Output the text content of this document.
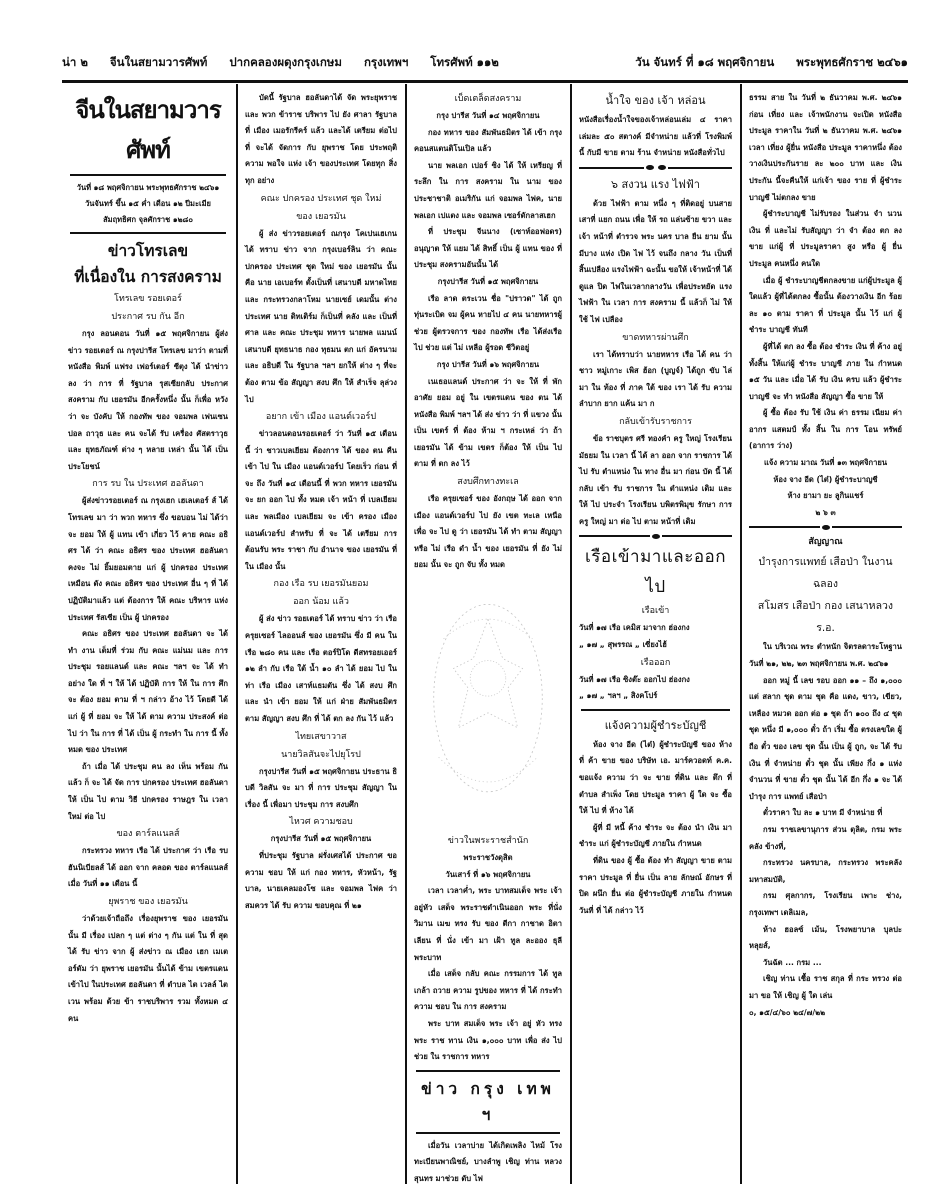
น่า ๒ จีนในสยามวารศัพท์ ปากคลองผดุงกรุงเกษม กรุงเทพฯ โทรศัพท์ ๑๑๒	วัน จันทร์ ที่ ๑๘ พฤศจิกายน พระพุทธศักราช ๒๔๖๑
จีนในสยามวารศัพท์
วันที่ ๑๘ พฤศจิกายน พระพุทธศักราช ๒๔๖๑
วันจันทร์ ขึ้น ๑๕ ค่ำ เดือน ๑๒ ปีมะเมีย
สัมฤทธิศก จุลศักราช ๑๒๘๐
ข่าวโทรเลข
ที่เนื่องใน การสงคราม
โทรเลข รอยเตอร์
ประกาศ รบ กัน อีก
กรุง ลอนดอน วันที่ ๑๕ พฤศจิกายน ผู้ส่ง ข่าว รอยเตอร์ ณ กรุงปารีส โทรเลข มาว่า ตามที่ หนังสือ พิมพ์ แฟรง เฟอร์เตอร์ ซีตุง ได้ นำข่าว ลง ว่า การ ที่ รัฐบาล รุสเซียกลับ ประกาศ สงคราม กับ เยอรมัน อีกครั้งหนึ่ง นั้น ก็เพื่อ หวัง ว่า จะ บังคับ ให้ กองทัพ ของ จอมพล เฟนเซน ปอล ถาวุธ และ คน จะได้ รับ เครื่อง ศัสตราวุธ และ ยุทธภัณฑ์ ต่าง ๆ หลาย เหล่า นั้น ได้ เป็น ประโยชน์
การ รบ ใน ประเทศ ฮอลันดา
ผู้ส่งข่าวรอยเตอร์ ณ กรุงเฮก เฮเลเตอร์ ส์ ได้ โทรเลข มา ว่า พวก ทหาร ซึ่ง ขอบอน ไม่ ได้ว่า จะ ยอม ให้ ผู้ แทน เข้า เกี่ยว ไว้ คาย คณะ อธิศร ได้ ว่า คณะ อธิศร ของ ประเทศ ฮอลันดา คงจะ ไม่ ยิ้มยอมตาย แก่ ผู้ ปกครอง ประเทศ เหมือน ดัง คณะ อธิศร ของ ประเทศ อื่น ๆ ที่ ได้ ปฏิบัติมาแล้ว แต่ ต้องการ ให้ คณะ บริหาร แห่ง ประเทศ รัสเซีย เป็น ผู้ ปกครอง
คณะ อธิศร ของ ประเทศ ฮอลันดา จะ ได้ ทำ งาน เต็มที่ ร่วม กับ คณะ แม่นม และ การ ประชุม รอยแลนด์ และ คณะ ฯลฯ จะ ได้ ทำ อย่าง ใด ที่ ฯ ให้ ได้ ปฏิบัติ การ ให้ ใน การ ศึก จะ ต้อง ยอม ตาม ที่ ฯ กล่าว อ้าง ไว้ โดยดี ได้ แก่ ผู้ ที่ ยอม จะ ให้ ได้ ตาม ความ ประสงค์ ต่อ ไป ว่า ใน การ ที่ ได้ เป็น ผู้ กระทำ ใน การ นี้ ทั้ง หมด ของ ประเทศ
ถ้า เมื่อ ได้ ประชุม คน ลง เห็น พร้อม กัน แล้ว ก็ จะ ได้ จัด การ ปกครอง ประเทศ ฮอลันดา ให้ เป็น ไป ตาม วิธี ปกครอง ราษฎร ใน เวลา ใหม่ ต่อ ไป
ของ ตาร์ลแนลส์
กระทรวง ทหาร เรือ ได้ ประกาศ ว่า เรือ รบ ฮันนิเบียลส์ ได้ ออก จาก คลอด ของ ตาร์ลแนลส์ เมื่อ วันที่ ๑๑ เดือน นี้
ยุพราช ของ เยอรมัน
ว่าด้วยเจ้าถือถึง เรื่องยุพราช ของ เยอรมัน นั้น มี เรื่อง เปลก ๆ แต่ ต่าง ๆ กัน แต่ ใน ที่ สุด ได้ รับ ข่าว จาก ผู้ ส่งข่าว ณ เมือง เฮก เมเตอร์ดัม ว่า ยุพราช เยอรมัน นั้นได้ ข้าม เขตรแดน เข้าไป ในประเทศ ฮอลันดา ที่ ตำบล ไต เวลล์ ไต เวน พร้อม ด้วย ข้า ราชบริพาร รวม ทั้งหมด ๔ คน
บัดนี้ รัฐบาล ฮอลันดาได้ จัด พระยุพราช และ พวก ข้าราช บริพาร ไป ยัง ศาลา รัฐบาล ที่ เมือง เมอรักรีคร์ แล้ว และได้ เตรียม ต่อไป ที่ จะได้ จัดการ กับ ยุพราช โดย ประพฤติ ความ พอใจ แห่ง เจ้า ของประเทศ โดยทุก สิ่ง ทุก อย่าง
คณะ ปกครอง ประเทศ ชุด ใหม่
ของ เยอรมัน
ผู้ ส่ง ข่าวรอยเตอร์ ณกรุง โคเปนเฮเกน ได้ ทราบ ข่าว จาก กรุงเบอร์ลิน ว่า คณะ ปกครอง ประเทศ ชุด ใหม่ ของ เยอรมัน นั้น คือ นาย เอเบอร์ท ตั้งเป็นที่ เสนาบดี มหาดไทย และ กระทรวงกลาโหม นายเซย์ เดมนั้น ต่าง ประเทศ นาย ดิทเติร์ม ก็เป็นที่ คลัง และ เป็นที่ ศาล และ คณะ ประชุม ทหาร นายพล แมนน์ เสนาบดี ยุทธนาธ กอง ทุธมน ตก แก่ อัครนาม และ อธิบดี ใน รัฐบาล ฯลฯ ยกให้ ต่าง ๆ ที่จะ ต้อง ตาม ข้อ สัญญา สงบ ศึก ให้ สำเร็จ ลุล่วง ไป
อยาก เข้า เมือง แอนต์เวอร์ป
ข่าวลอนดอนรอยเตอร์ ว่า วันที่ ๑๕ เดือนนี้ ว่า ชาวเบลเยียม ต้องการ ได้ ของ ตน คืน เข้า ไป ใน เมือง แอนต์เวอร์ป โดยเร็ว ก่อน ที่ จะ ถึง วันที่ ๑๔ เดือนนี้ ที่ พวก ทหาร เยอรมัน จะ ยก ออก ไป ทั้ง หมด เจ้า หน้า ที่ เบลเยียม และ พลเมือง เบลเยียม จะ เข้า ครอง เมือง แอนต์เวอร์ป สำหรับ ที่ จะ ได้ เตรียม การ ต้อนรับ พระ ราชา กับ อำนาจ ของ เยอรมัน ที่ ใน เมือง นั้น
กอง เรือ รบ เยอรมันยอม
ออก น้อม แล้ว
ผู้ ส่ง ข่าว รอยเตอร์ ได้ ทราบ ข่าว ว่า เรือ ครุยเซอร์ ไลออนส์ ของ เยอรมัน ซึ่ง มี คน ใน เรือ ๒๘๐ คน และ เรือ ตอร์ปิโด ดีสทรอยเออร์ ๑๒ ลำ กับ เรือ ใต้ น้ำ ๑๐ ลำ ได้ ยอม ไป ใน ท่า เรือ เมือง เสาท์แธมตัน ซึ่ง ได้ สงบ ศึก และ นำ เข้า ยอม ให้ แก่ ฝ่าย สัมพันธมิตร ตาม สัญญา สงบ ศึก ที่ ได้ ตก ลง กัน ไว้ แล้ว
ไทยเสขาวาส
นายวิลสันจะไปยุโรป
กรุงปารีส วันที่ ๑๕ พฤศจิกายน ประธาน ธิบดี วิลสัน จะ มา ที่ การ ประชุม สัญญา ใน เรื่อง นี้ เพื่อมา ประชุม การ สงบศึก
ไหวศ ความชอบ
กรุงปารีส วันที่ ๑๕ พฤศจิกายน
ที่ประชุม รัฐบาล ฝรั่งเศสได้ ประกาศ ขอ ความ ชอบ ให้ แก่ กอง ทหาร, หัวหน้า, รัฐ บาล, นายเคลมองโซ และ จอมพล ไฟค ว่า สมควร ได้ รับ ความ ขอบคุณ ที่ ๒๑
เบ็ดเตล็ดสงคราม
กรุง ปารีส วันที่ ๑๔ พฤศจิกายน
กอง ทหาร ของ สัมพันธมิตร ได้ เข้า กรุง คอนสแตนติโนเปิล แล้ว
นาย พลเอก เปอร์ ซิง ได้ ให้ เหรียญ ที่ ระลึก ใน การ สงคราม ใน นาม ของ ประชาชาติ อเมริกัน แก่ จอมพล ไฟค, นาย พลเอก เปแตง และ จอมพล เซอร์ดักลาสเฮก
ที่ ประชุม จีนนาง (เซาท์ออฟอดร) อนุญาต ให้ แยม ได้ สิทธิ์ เป็น ผู้ แทน ของ ที่ ประชุม สงครามอันนั้น ได้
กรุงปารีส วันที่ ๑๕ พฤศจิกายน
เรือ ลาด ตระเวน ชื่อ "ปราวด" ได้ ถูก ทุ่นระเบิด จม ผู้คน หายไป ๔ คน นายทหารผู้ ช่วย ผู้ตรวจการ ของ กองทัพ เรือ ได้ส่งเรือ ไป ช่วย แต่ ไม่ เหลือ ผู้รอด ชีวิตอยู่
กรุง ปารีส วันที่ ๑๖ พฤศจิกายน
เนเธอแลนด์ ประกาศ ว่า จะ ให้ ที่ พัก อาศัย ยอม อยู่ ใน เขตรแดน ของ ตน ได้ หนังสือ พิมพ์ ฯลฯ ได้ ส่ง ข่าว ว่า ที่ แขวง นั้น เป็น เขตร์ ที่ ต้อง ห้าม ฯ กระเหล่ ว่า ถ้า เยอรมัน ได้ ข้าม เขตร ก็ต้อง ให้ เป็น ไป ตาม ที่ ตก ลง ไว้
สงบศึกทางทะเล
เรือ ครุยเซอร์ ของ อังกฤษ ได้ ออก จาก เมือง แอนต์เวอร์ป ไป ยัง เขต ทะเล เหนือ เพื่อ จะ ไป ดู ว่า เยอรมัน ได้ ทำ ตาม สัญญา หรือ ไม่ เรือ ดำ น้ำ ของ เยอรมัน ที่ ยัง ไม่ ยอม นั้น จะ ถูก จับ ทั้ง หมด
ข่าวในพระราชสำนัก
พระราชวังดุสิต
วันเสาร์ ที่ ๑๖ พฤศจิกายน
เวลา เวลาค่ำ, พระ บาทสมเด็จ พระ เจ้า อยู่หัว เสด็จ พระราชดำเนินออก พระ ที่นั่ง วิมาน เมฆ ทรง รับ ของ ตีกา กาชาด อิตา เลียน ที่ นั่ง เข้า มา เฝ้า ทูล ละออง ธุลีพระบาท
เมื่อ เสด็จ กลับ คณะ กรรมการ ได้ ทูล เกล้า ถวาย ความ รูปของ ทหาร ที่ ได้ กระทำ ความ ชอบ ใน การ สงคราม
พระ บาท สมเด็จ พระ เจ้า อยู่ หัว ทรง พระ ราช ทาน เงิน ๑,๐๐๐ บาท เพื่อ ส่ง ไป ช่วย ใน ราชการ ทหาร
ข่าว กรุง เทพ ฯ
เมื่อวัน เวลาบ่าย ได้เกิดเพลิง ไหม้ โรงทะเบียนพาณิชย์, บางลำพู เชิญ ท่าน หลวง สุนทร มาช่วย ดับ ไฟ
น้ำใจ ของ เจ้า หล่อน
หนังสือเรื่องน้ำใจของเจ้าหล่อนเล่ม ๔ ราคา เล่มละ ๕๐ สตางค์ มีจำหน่าย แล้วที่ โรงพิมพ์ นี้ กับมี ขาย ตาม ร้าน จำหน่าย หนังสือทั่วไป
๖ สงวน แรง ไฟฟ้า
ด้วย ไฟฟ้า ตาม หนึ่ง ๆ ที่ติดอยู่ บนสาย เสาที่ แยก ถนน เพื่อ ให้ รถ แล่นซ้าย ขวา และ เจ้า หน้าที่ ตำรวจ พระ นคร บาล ยืน ยาม นั้น มีบาง แห่ง เปิด ไฟ ไว้ จนถึง กลาง วัน เป็นที่ สิ้นเปลือง แรงไฟฟ้า ฉะนั้น ขอให้ เจ้าหน้าที่ ได้ดูแล ปิด ไฟในเวลากลางวัน เพื่อประหยัด แรงไฟฟ้า ใน เวลา การ สงคราม นี้ แล้วก็ ไม่ ให้ ใช้ ไฟ เปลือง
ขาดทหารผ่านศึก
เรา ได้ทราบว่า นายทหาร เรือ ได้ คน ว่า ชาว หมู่เกาะ เพิส ฮ้อก (บูญจ์) ได้ถูก ขับ ไล่ มา ใน ท้อง ที่ ภาค ใต้ ของ เรา ได้ รับ ความ ลำบาก ยาก แค้น มา ก
กลับเข้ารับราชการ
ข้อ ราชบุตร ศรี ทองคำ ครู ใหญ่ โรงเรียน มัธยม ใน เวลา นี้ ได้ ลา ออก จาก ราชการ ได้ ไป รับ ตำแหน่ง ใน ทาง อื่น มา ก่อน บัด นี้ ได้ กลับ เข้า รับ ราชการ ใน ตำแหน่ง เดิม และ ให้ ไป ประจำ โรงเรียน บพิตรพิมุข รักษา การ ครู ใหญ่ มา ต่อ ไป ตาม หน้าที่ เดิม
เรือเข้ามาและออกไป
เรือเข้า
วันที่ ๑๗ เรือ เคมิส มาจาก ฮ่องกง
„ ๑๗ „ สุพรรณ „ เซี่ยงไฮ้
เรือออก
วันที่ ๑๗ เรือ ซิงต๊ะ ออกไป ฮ่องกง
„ ๑๗ „ ฯลฯ „ สิงคโปร์
แจ้งความผู้ชำระบัญชี
ห้อง จาง อีด (ไต๋) ผู้ชำระบัญชี ของ ห้าง ที่ ค้า ขาย ของ บริษัท เอ. มาร์ควอดท์ ค.ค. ขอแจ้ง ความ ว่า จะ ขาย ที่ดิน และ ตึก ที่ ตำบล สำเพ็ง โดย ประมูล ราคา ผู้ ใด จะ ซื้อ ให้ ไป ที่ ห้าง ได้
ผู้ที่ มี หนี้ ค้าง ชำระ จะ ต้อง นำ เงิน มา ชำระ แก่ ผู้ชำระบัญชี ภายใน กำหนด
ที่ดิน ของ ผู้ ซื้อ ต้อง ทำ สัญญา ขาย ตาม ราคา ประมูล ที่ ยื่น เป็น ลาย ลักษณ์ อักษร ที่ ปิด ผนึก ยื่น ต่อ ผู้ชำระบัญชี ภายใน กำหนด วันที่ ที่ ได้ กล่าว ไว้
ธรรม สาย ใน วันที่ ๒ ธันวาคม พ.ศ. ๒๔๖๑ ก่อน เที่ยง และ เจ้าพนักงาน จะเปิด หนังสือ ประมูล ราคาใน วันที่ ๒ ธันวาคม พ.ศ. ๒๔๖๑ เวลา เที่ยง ผู้ยื่น หนังสือ ประมูล ราคาหนึ่ง ต้อง วางเงินประกันราย ละ ๒๐๐ บาท และ เงินประกัน นี้จะคืนให้ แก่เจ้า ของ ราย ที่ ผู้ชำระ บาญชี ไม่ตกลง ขาย
ผู้ชำระบาญชี ไม่รับรอง ในส่วน จำ นวน เงิน ที่ และไม่ รับสัญญา ว่า จำ ต้อง ตก ลง ขาย แก่ผู้ ที่ ประมูลราคา สูง หรือ ผู้ ยื่น ประมูล คนหนึ่ง คนใด
เมื่อ ผู้ ชำระบาญชีตกลงขาย แก่ผู้ประมูล ผู้ใดแล้ว ผู้ที่ได้ตกลง ซื้อนั้น ต้องวางเงิน อีก ร้อย ละ ๑๐ ตาม ราคา ที่ ประมูล นั้น ไว้ แก่ ผู้ ชำระ บาญชี ทันที
ผู้ที่ได้ ตก ลง ซื้อ ต้อง ชำระ เงิน ที่ ค้าง อยู่ ทั้งสิ้น ให้แก่ผู้ ชำระ บาญชี ภาย ใน กำหนด ๑๕ วัน และ เมื่อ ได้ รับ เงิน ครบ แล้ว ผู้ชำระ บาญชี จะ ทำ หนังสือ สัญญา ซื้อ ขาย ให้
ผู้ ซื้อ ต้อง รับ ใช้ เงิน ค่า ธรรม เนียม ค่า อากร แสตมป์ ทั้ง สิ้น ใน การ โอน ทรัพย์ (อาการ ว่าง)
แจ้ง ความ มาณ วันที่ ๑๓ พฤศจิกายน
ห้อง จาง อีด (ไต๋) ผู้ชำระบาญชี
ห้าง ยามา ยะ ลูกินแชร์
๒ ๖ ๓
สัญญาณ
บำรุงการแพทย์ เสือป่า ในงานฉลอง
สโมสร เสือป่า กอง เสนาหลวง ร.อ.
ใน บริเวณ พระ ตำหนัก จิตรลดาระโหฐาน วันที่ ๒๑, ๒๒, ๒๓ พฤศจิกายน พ.ศ. ๒๔๖๑
ออก หมู่ นี้ เลข รอบ ออก ๑๑ – ถึง ๑,๐๐๐ แต่ สลาก ชุด ตาม ชุด คือ แดง, ขาว, เขียว, เหลือง หมวด ออก ต่อ ๑ ชุด ถ้า ๑๐๐ ถึง ๔ ชุด ชุด หนึ่ง มี ๑,๐๐๐ ตั๋ว ถ้า เริ่ม ซื้อ ตรงเลขใด ผู้ ถือ ตั๋ว ของ เลข ชุด นั้น เป็น ผู้ ถูก, จะ ได้ รับ เงิน ที่ จำหน่าย ตั๋ว ชุด นั้น เพียง กึ่ง ๑ แห่ง จำนวน ที่ ขาย ตั๋ว ชุด นั้น ได้ อีก กึ่ง ๑ จะ ได้ บำรุง การ แพทย์ เสือป่า
ตั๋วราคา ใบ ละ ๑ บาท มี จำหน่าย ที่
กรม ราชเลขานุการ ส่วน ตุลิต, กรม พระคลัง ข้างที่,
กระทรวง นครบาล, กระทรวง พระคลัง มหาสมบัติ,
กรม ศุลกากร, โรงเรียน เพาะ ช่าง, กรุงเทพฯ เดลิเมล,
ห้าง ฮอลซ์ เม้น, โรงพยาบาล บุลปะ หลุยส์,
วันฉัต ... กรม ...
เชิญ ท่าน เชื้อ ราช สกุล ที่ กระ ทรวง ต่อ มา ขอ ให้ เชิญ ผู้ ใด เล่น
๐, ๑๕/๔/๖๐ ๒๔/๗/๒๒
